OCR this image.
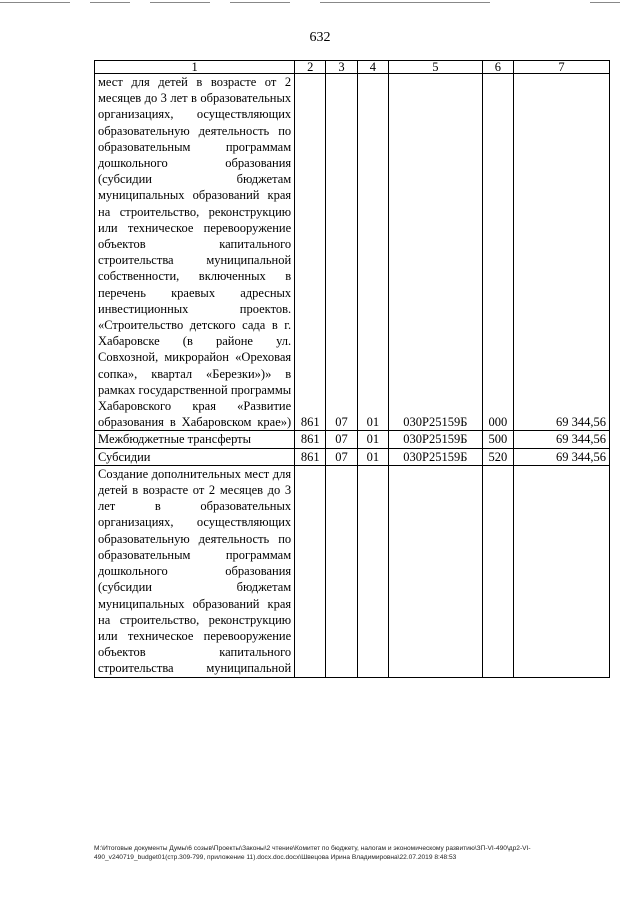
632
1	2	3	4	5	6	7
мест для детей в возрасте от 2 месяцев до 3 лет в образовательных организациях, осуществляющих образовательную деятельность по образовательным программам дошкольного образования (субсидии бюджетам муниципальных образований края на строительство, реконструкцию или техническое перевооружение объектов капитального строительства муниципальной собственности, включенных в перечень краевых адресных инвестиционных проектов. «Строительство детского сада в г. Хабаровске (в районе ул. Совхозной, микрорайон «Ореховая сопка», квартал «Березки»)» в рамках государственной программы Хабаровского края «Развитие образования в Хабаровском крае»)	861	07	01	030Р25159Б	000	69 344,56
Межбюджетные трансферты	861	07	01	030Р25159Б	500	69 344,56
Субсидии	861	07	01	030Р25159Б	520	69 344,56
Создание дополнительных мест для детей в возрасте от 2 месяцев до 3 лет в образовательных организациях, осуществляющих образовательную деятельность по образовательным программам дошкольного образования (субсидии бюджетам муниципальных образований края на строительство, реконструкцию или техническое перевооружение объектов капитального строительства муниципальной						
M:\Итоговые документы Думы\6 созыв\Проекты\Законы\2 чтение\Комитет по бюджету, налогам и экономическому развитию\ЗП-VI-490\др2-VI-
490_v240719_budget01(стр.309-799, приложение 11).docx.doc.docx\Швецова Ирина Владимировна\22.07.2019 8:48:53
